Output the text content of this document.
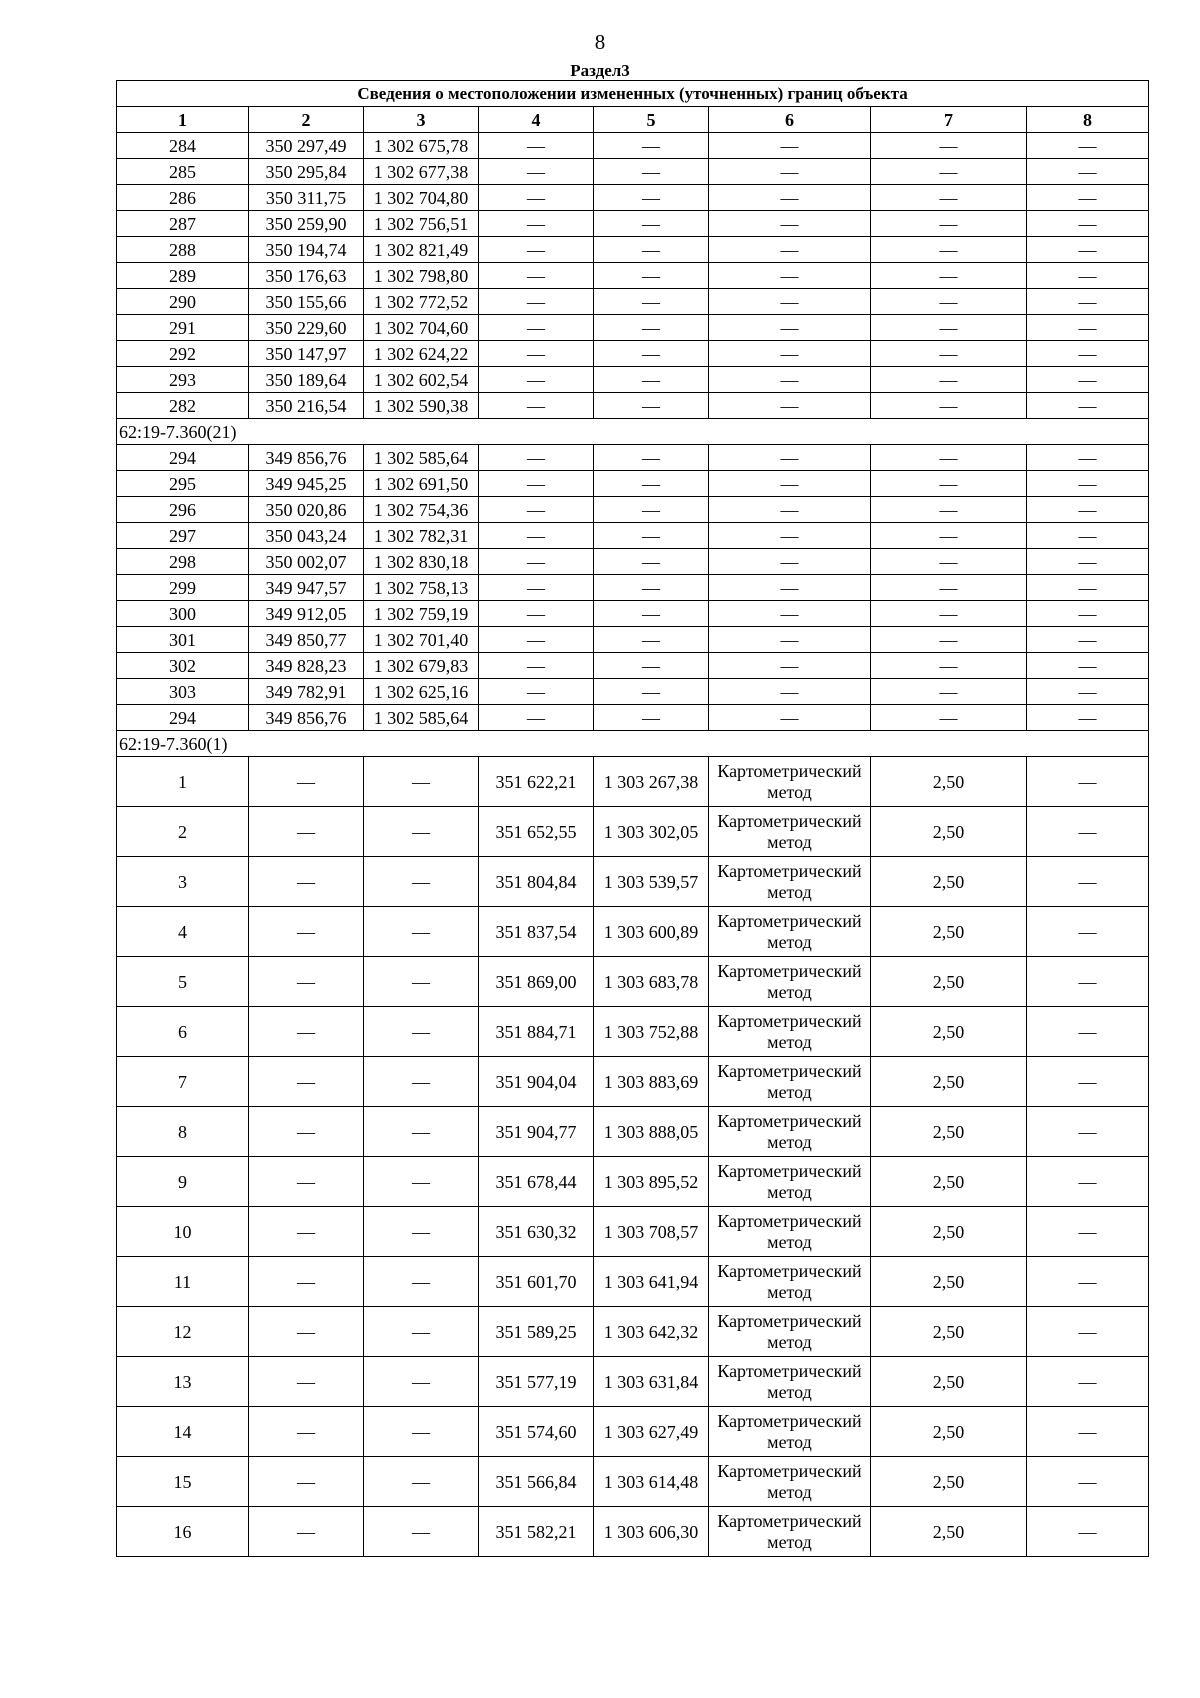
8
Раздел3
Сведения о местоположении измененных (уточненных) границ объекта							
1	2	3	4	5	6	7	8
284	350 297,49	1 302 675,78	—	—	—	—	—
285	350 295,84	1 302 677,38	—	—	—	—	—
286	350 311,75	1 302 704,80	—	—	—	—	—
287	350 259,90	1 302 756,51	—	—	—	—	—
288	350 194,74	1 302 821,49	—	—	—	—	—
289	350 176,63	1 302 798,80	—	—	—	—	—
290	350 155,66	1 302 772,52	—	—	—	—	—
291	350 229,60	1 302 704,60	—	—	—	—	—
292	350 147,97	1 302 624,22	—	—	—	—	—
293	350 189,64	1 302 602,54	—	—	—	—	—
282	350 216,54	1 302 590,38	—	—	—	—	—
62:19-7.360(21)							
294	349 856,76	1 302 585,64	—	—	—	—	—
295	349 945,25	1 302 691,50	—	—	—	—	—
296	350 020,86	1 302 754,36	—	—	—	—	—
297	350 043,24	1 302 782,31	—	—	—	—	—
298	350 002,07	1 302 830,18	—	—	—	—	—
299	349 947,57	1 302 758,13	—	—	—	—	—
300	349 912,05	1 302 759,19	—	—	—	—	—
301	349 850,77	1 302 701,40	—	—	—	—	—
302	349 828,23	1 302 679,83	—	—	—	—	—
303	349 782,91	1 302 625,16	—	—	—	—	—
294	349 856,76	1 302 585,64	—	—	—	—	—
62:19-7.360(1)							
1	—	—	351 622,21	1 303 267,38	Картометрический метод	2,50	—
2	—	—	351 652,55	1 303 302,05	Картометрический метод	2,50	—
3	—	—	351 804,84	1 303 539,57	Картометрический метод	2,50	—
4	—	—	351 837,54	1 303 600,89	Картометрический метод	2,50	—
5	—	—	351 869,00	1 303 683,78	Картометрический метод	2,50	—
6	—	—	351 884,71	1 303 752,88	Картометрический метод	2,50	—
7	—	—	351 904,04	1 303 883,69	Картометрический метод	2,50	—
8	—	—	351 904,77	1 303 888,05	Картометрический метод	2,50	—
9	—	—	351 678,44	1 303 895,52	Картометрический метод	2,50	—
10	—	—	351 630,32	1 303 708,57	Картометрический метод	2,50	—
11	—	—	351 601,70	1 303 641,94	Картометрический метод	2,50	—
12	—	—	351 589,25	1 303 642,32	Картометрический метод	2,50	—
13	—	—	351 577,19	1 303 631,84	Картометрический метод	2,50	—
14	—	—	351 574,60	1 303 627,49	Картометрический метод	2,50	—
15	—	—	351 566,84	1 303 614,48	Картометрический метод	2,50	—
16	—	—	351 582,21	1 303 606,30	Картометрический метод	2,50	—
